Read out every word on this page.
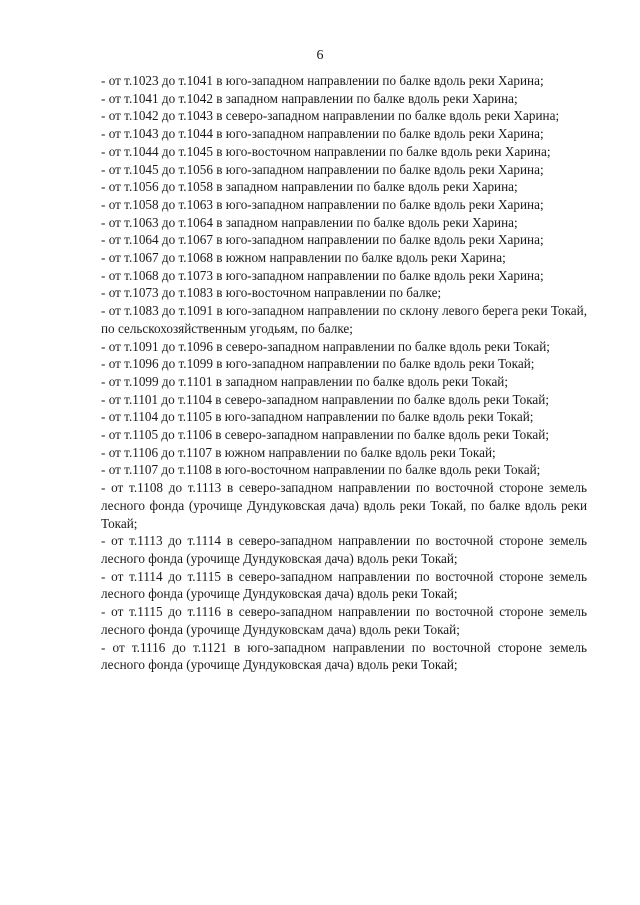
6

- от т.1023 до т.1041 в юго-западном направлении по балке вдоль реки Харина;

- от т.1041 до т.1042 в западном направлении по балке вдоль реки Харина;

- от т.1042 до т.1043 в северо-западном направлении по балке вдоль реки Харина;

- от т.1043 до т.1044 в юго-западном направлении по балке вдоль реки Харина;

- от т.1044 до т.1045 в юго-восточном направлении по балке вдоль реки Харина;

- от т.1045 до т.1056 в юго-западном направлении по балке вдоль реки Харина;

- от т.1056 до т.1058 в западном направлении по балке вдоль реки Харина;

- от т.1058 до т.1063 в юго-западном направлении по балке вдоль реки Харина;

- от т.1063 до т.1064 в западном направлении по балке вдоль реки Харина;

- от т.1064 до т.1067 в юго-западном направлении по балке вдоль реки Харина;

- от т.1067 до т.1068 в южном направлении по балке вдоль реки Харина;

- от т.1068 до т.1073 в юго-западном направлении по балке вдоль реки Харина;

- от т.1073 до т.1083 в юго-восточном направлении по балке;

- от т.1083 до т.1091 в юго-западном направлении по склону левого берега реки Токай, по сельскохозяйственным угодьям, по балке;

- от т.1091 до т.1096 в северо-западном направлении по балке вдоль реки Токай;

- от т.1096 до т.1099 в юго-западном направлении по балке вдоль реки Токай;

- от т.1099 до т.1101 в западном направлении по балке вдоль реки Токай;

- от т.1101 до т.1104 в северо-западном направлении по балке вдоль реки Токай;

- от т.1104 до т.1105 в юго-западном направлении по балке вдоль реки Токай;

- от т.1105 до т.1106 в северо-западном направлении по балке вдоль реки Токай;

- от т.1106 до т.1107 в южном направлении по балке вдоль реки Токай;

- от т.1107 до т.1108 в юго-восточном направлении по балке вдоль реки Токай;

- от т.1108 до т.1113 в северо-западном направлении по восточной стороне земель лесного фонда (урочище Дундуковская дача) вдоль реки Токай, по балке вдоль реки Токай;

- от т.1113 до т.1114 в северо-западном направлении по восточной стороне земель лесного фонда (урочище Дундуковская дача) вдоль реки Токай;

- от т.1114 до т.1115 в северо-западном направлении по восточной стороне земель лесного фонда (урочище Дундуковская дача) вдоль реки Токай;

- от т.1115 до т.1116 в северо-западном направлении по восточной стороне земель лесного фонда (урочище Дундуковскам дача) вдоль реки Токай;

- от т.1116 до т.1121 в юго-западном направлении по восточной стороне земель лесного фонда (урочище Дундуковская дача) вдоль реки Токай;
